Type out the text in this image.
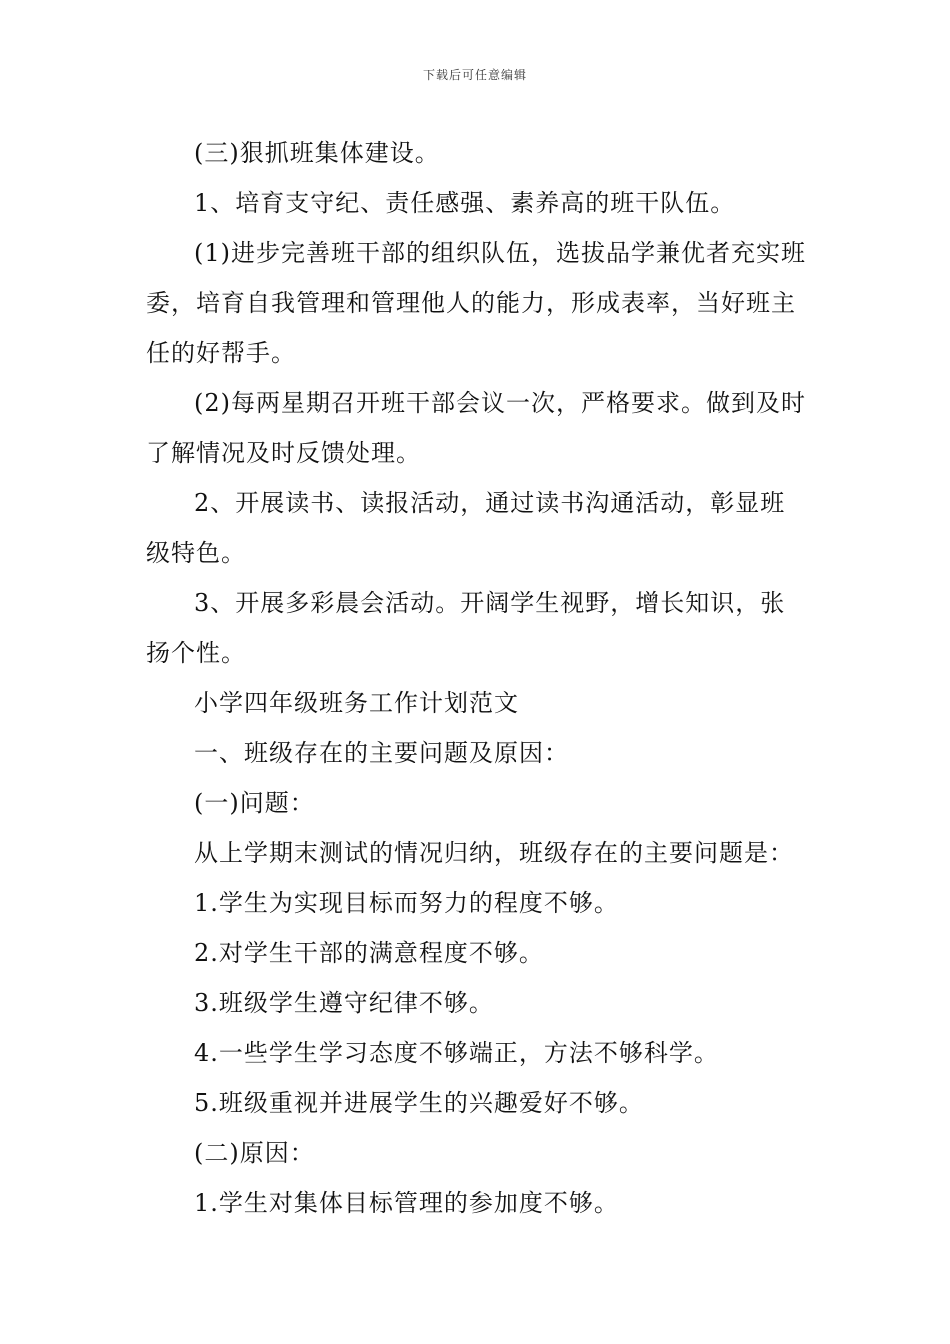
下载后可任意编辑

(三)狠抓班集体建设。

1、培育支守纪、责任感强、素养高的班干队伍。

(1)进步完善班干部的组织队伍，选拔品学兼优者充实班委，培育自我管理和管理他人的能力，形成表率，当好班主任的好帮手。

(2)每两星期召开班干部会议一次，严格要求。做到及时了解情况及时反馈处理。

2、开展读书、读报活动，通过读书沟通活动，彰显班级特色。

3、开展多彩晨会活动。开阔学生视野，增长知识，张扬个性。

小学四年级班务工作计划范文

一、班级存在的主要问题及原因：

(一)问题：

从上学期末测试的情况归纳，班级存在的主要问题是：

1.学生为实现目标而努力的程度不够。

2.对学生干部的满意程度不够。

3.班级学生遵守纪律不够。

4.一些学生学习态度不够端正，方法不够科学。

5.班级重视并进展学生的兴趣爱好不够。

(二)原因：

1.学生对集体目标管理的参加度不够。
